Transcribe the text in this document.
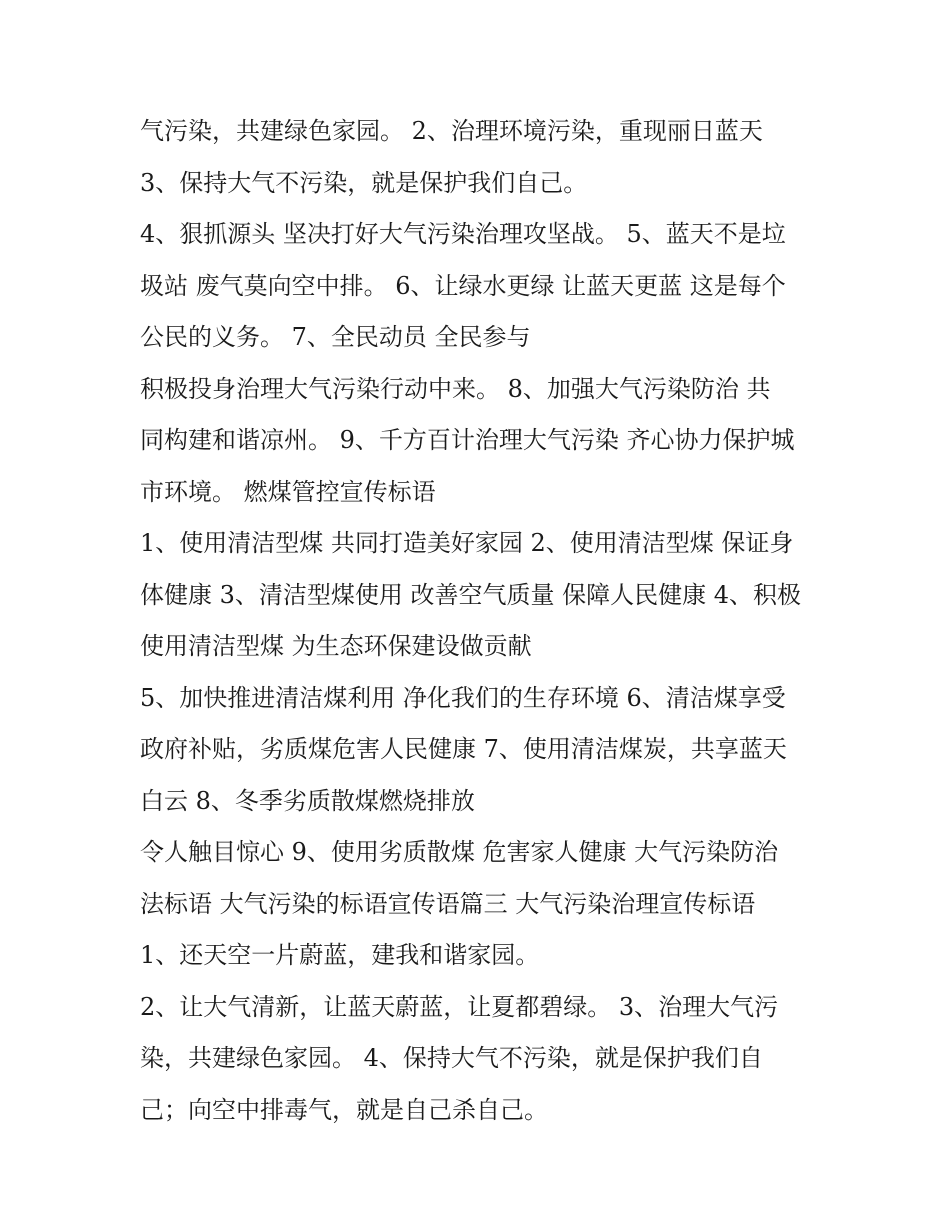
气污染，共建绿色家园。 2、治理环境污染，重现丽日蓝天
3、保持大气不污染，就是保护我们自己。
4、狠抓源头 坚决打好大气污染治理攻坚战。 5、蓝天不是垃
圾站 废气莫向空中排。 6、让绿水更绿 让蓝天更蓝 这是每个
公民的义务。 7、全民动员 全民参与
积极投身治理大气污染行动中来。 8、加强大气污染防治 共
同构建和谐凉州。 9、千方百计治理大气污染 齐心协力保护城
市环境。 燃煤管控宣传标语
1、使用清洁型煤 共同打造美好家园 2、使用清洁型煤 保证身
体健康 3、清洁型煤使用 改善空气质量 保障人民健康 4、积极
使用清洁型煤 为生态环保建设做贡献
5、加快推进清洁煤利用 净化我们的生存环境 6、清洁煤享受
政府补贴，劣质煤危害人民健康 7、使用清洁煤炭，共享蓝天
白云 8、冬季劣质散煤燃烧排放
令人触目惊心 9、使用劣质散煤 危害家人健康 大气污染防治
法标语 大气污染的标语宣传语篇三 大气污染治理宣传标语
1、还天空一片蔚蓝，建我和谐家园。
2、让大气清新，让蓝天蔚蓝，让夏都碧绿。 3、治理大气污
染，共建绿色家园。 4、保持大气不污染，就是保护我们自
己；向空中排毒气，就是自己杀自己。
